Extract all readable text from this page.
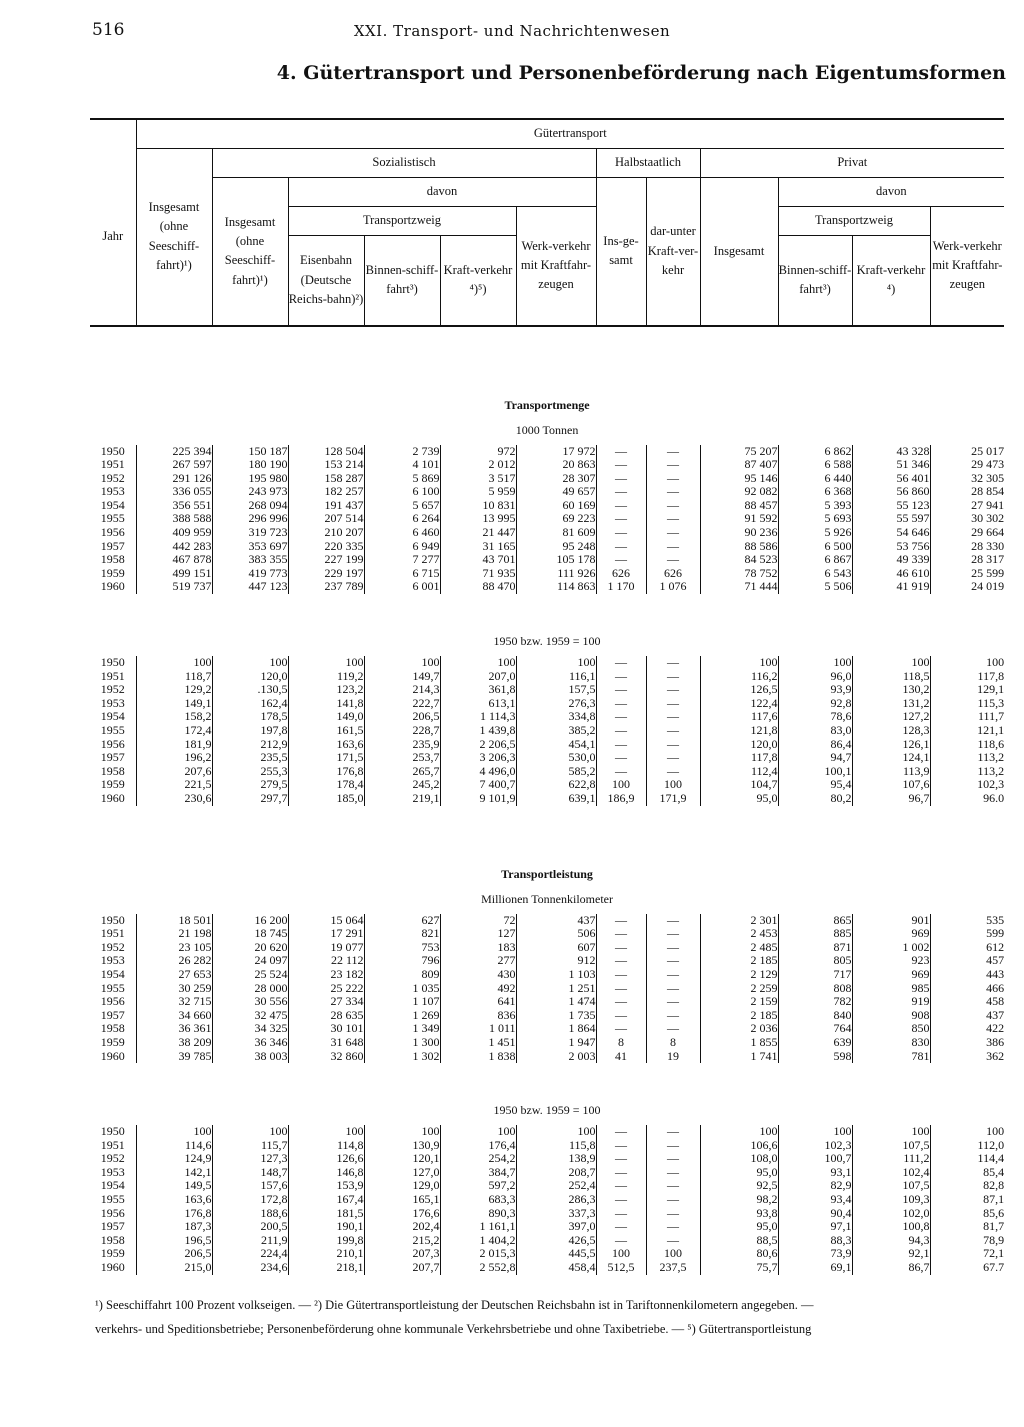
516	XXI. Transport- und Nachrichtenwesen
4. Gütertransport und Personenbeförderung nach Eigentumsformen
	Gütertransport											
Jahr	Insgesamt (ohne Seeschiff-fahrt)¹)	Sozialistisch					Halbstaatlich		Privat			
		Insgesamt (ohne Seeschiff-fahrt)¹)	davon				Ins-ge-samt	dar-unter Kraft-ver-kehr	Insgesamt	davon		
			Transportzweig			Werk-verkehr mit Kraftfahr-zeugen				Transportzweig		Werk-verkehr mit Kraftfahr-zeugen
			Eisenbahn (Deutsche Reichs-bahn)²)	Binnen-schiff-fahrt³)	Kraft-verkehr ⁴)⁵)					Binnen-schiff-fahrt³)	Kraft-verkehr ⁴)	

Transportmenge												
1000 Tonnen												
1950	225 394	150 187	128 504	2 739	972	17 972	—	—	75 207	6 862	43 328	25 017
1951	267 597	180 190	153 214	4 101	2 012	20 863	—	—	87 407	6 588	51 346	29 473
1952	291 126	195 980	158 287	5 869	3 517	28 307	—	—	95 146	6 440	56 401	32 305
1953	336 055	243 973	182 257	6 100	5 959	49 657	—	—	92 082	6 368	56 860	28 854
1954	356 551	268 094	191 437	5 657	10 831	60 169	—	—	88 457	5 393	55 123	27 941
1955	388 588	296 996	207 514	6 264	13 995	69 223	—	—	91 592	5 693	55 597	30 302
1956	409 959	319 723	210 207	6 460	21 447	81 609	—	—	90 236	5 926	54 646	29 664
1957	442 283	353 697	220 335	6 949	31 165	95 248	—	—	88 586	6 500	53 756	28 330
1958	467 878	383 355	227 199	7 277	43 701	105 178	—	—	84 523	6 867	49 339	28 317
1959	499 151	419 773	229 197	6 715	71 935	111 926	626	626	78 752	6 543	46 610	25 599
1960	519 737	447 123	237 789	6 001	88 470	114 863	1 170	1 076	71 444	5 506	41 919	24 019

1950 bzw. 1959 = 100												
1950	100	100	100	100	100	100	—	—	100	100	100	100
1951	118,7	120,0	119,2	149,7	207,0	116,1	—	—	116,2	96,0	118,5	117,8
1952	129,2	.130,5	123,2	214,3	361,8	157,5	—	—	126,5	93,9	130,2	129,1
1953	149,1	162,4	141,8	222,7	613,1	276,3	—	—	122,4	92,8	131,2	115,3
1954	158,2	178,5	149,0	206,5	1 114,3	334,8	—	—	117,6	78,6	127,2	111,7
1955	172,4	197,8	161,5	228,7	1 439,8	385,2	—	—	121,8	83,0	128,3	121,1
1956	181,9	212,9	163,6	235,9	2 206,5	454,1	—	—	120,0	86,4	126,1	118,6
1957	196,2	235,5	171,5	253,7	3 206,3	530,0	—	—	117,8	94,7	124,1	113,2
1958	207,6	255,3	176,8	265,7	4 496,0	585,2	—	—	112,4	100,1	113,9	113,2
1959	221,5	279,5	178,4	245,2	7 400,7	622,8	100	100	104,7	95,4	107,6	102,3
1960	230,6	297,7	185,0	219,1	9 101,9	639,1	186,9	171,9	95,0	80,2	96,7	96.0

Transportleistung												
Millionen Tonnenkilometer												
1950	18 501	16 200	15 064	627	72	437	—	—	2 301	865	901	535
1951	21 198	18 745	17 291	821	127	506	—	—	2 453	885	969	599
1952	23 105	20 620	19 077	753	183	607	—	—	2 485	871	1 002	612
1953	26 282	24 097	22 112	796	277	912	—	—	2 185	805	923	457
1954	27 653	25 524	23 182	809	430	1 103	—	—	2 129	717	969	443
1955	30 259	28 000	25 222	1 035	492	1 251	—	—	2 259	808	985	466
1956	32 715	30 556	27 334	1 107	641	1 474	—	—	2 159	782	919	458
1957	34 660	32 475	28 635	1 269	836	1 735	—	—	2 185	840	908	437
1958	36 361	34 325	30 101	1 349	1 011	1 864	—	—	2 036	764	850	422
1959	38 209	36 346	31 648	1 300	1 451	1 947	8	8	1 855	639	830	386
1960	39 785	38 003	32 860	1 302	1 838	2 003	41	19	1 741	598	781	362

1950 bzw. 1959 = 100												
1950	100	100	100	100	100	100	—	—	100	100	100	100
1951	114,6	115,7	114,8	130,9	176,4	115,8	—	—	106,6	102,3	107,5	112,0
1952	124,9	127,3	126,6	120,1	254,2	138,9	—	—	108,0	100,7	111,2	114,4
1953	142,1	148,7	146,8	127,0	384,7	208,7	—	—	95,0	93,1	102,4	85,4
1954	149,5	157,6	153,9	129,0	597,2	252,4	—	—	92,5	82,9	107,5	82,8
1955	163,6	172,8	167,4	165,1	683,3	286,3	—	—	98,2	93,4	109,3	87,1
1956	176,8	188,6	181,5	176,6	890,3	337,3	—	—	93,8	90,4	102,0	85,6
1957	187,3	200,5	190,1	202,4	1 161,1	397,0	—	—	95,0	97,1	100,8	81,7
1958	196,5	211,9	199,8	215,2	1 404,2	426,5	—	—	88,5	88,3	94,3	78,9
1959	206,5	224,4	210,1	207,3	2 015,3	445,5	100	100	80,6	73,9	92,1	72,1
1960	215,0	234,6	218,1	207,7	2 552,8	458,4	512,5	237,5	75,7	69,1	86,7	67.7
¹) Seeschiffahrt 100 Prozent volkseigen. — ²) Die Gütertransportleistung der Deutschen Reichsbahn ist in Tariftonnenkilometern angegeben. —
verkehrs- und Speditionsbetriebe; Personenbeförderung ohne kommunale Verkehrsbetriebe und ohne Taxibetriebe. — ⁵) Gütertransportleistung
